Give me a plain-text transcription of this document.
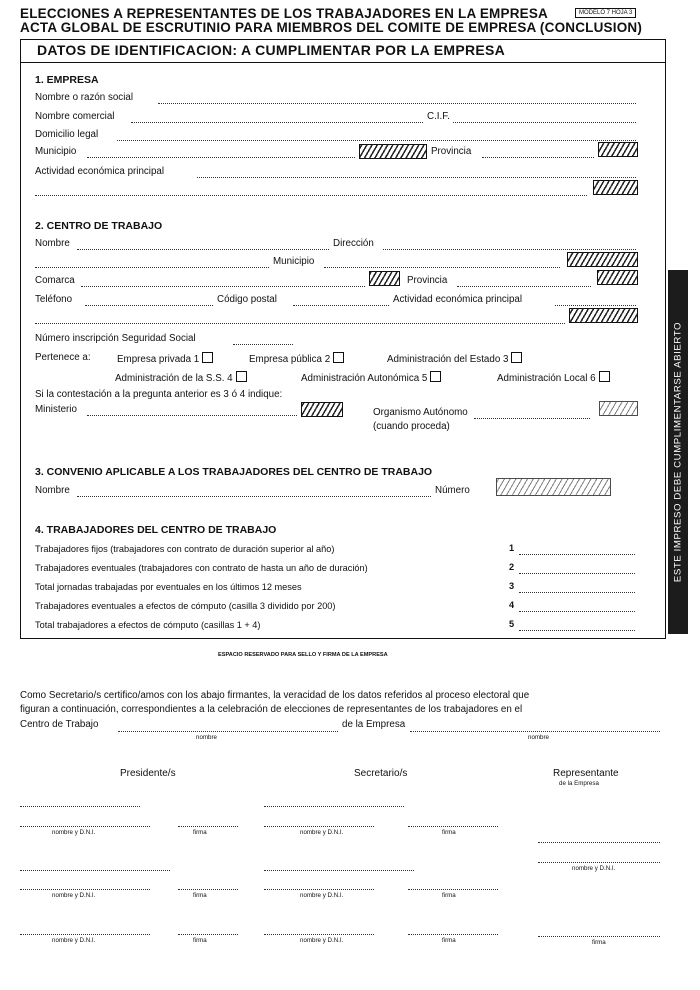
ELECCIONES A REPRESENTANTES DE LOS TRABAJADORES EN LA EMPRESA	MODELO 7 HOJA 3
ACTA GLOBAL DE ESCRUTINIO PARA MIEMBROS DEL COMITE DE EMPRESA (CONCLUSION)
DATOS DE IDENTIFICACION: A CUMPLIMENTAR POR LA EMPRESA
1. EMPRESA
Nombre o razón social
Nombre comercial	C.I.F.
Domicilio legal
Municipio	Provincia
Actividad económica principal
2. CENTRO DE TRABAJO
Nombre	Dirección
Municipio
Comarca	Provincia
Teléfono	Código postal	Actividad económica principal
Número inscripción Seguridad Social
Pertenece a:	Empresa privada 1	Empresa pública 2	Administración del Estado 3
Administración de la S.S. 4	Administración Autonómica 5	Administración Local 6
Si la contestación a la pregunta anterior es 3 ó 4 indique:
Ministerio	Organismo Autónomo
(cuando proceda)
3. CONVENIO APLICABLE A LOS TRABAJADORES DEL CENTRO DE TRABAJO
Nombre	Número
4. TRABAJADORES DEL CENTRO DE TRABAJO
Trabajadores fijos (trabajadores con contrato de duración superior al año)	1
Trabajadores eventuales (trabajadores con contrato de hasta un año de duración)	2
Total jornadas trabajadas por eventuales en los últimos 12 meses	3
Trabajadores eventuales a efectos de cómputo (casilla 3 dividido por 200)	4
Total trabajadores a efectos de cómputo (casillas 1 + 4)	5
ESTE IMPRESO DEBE CUMPLIMENTARSE ABIERTO
ESPACIO RESERVADO PARA SELLO Y FIRMA DE LA EMPRESA
Como Secretario/s certifico/amos con los abajo firmantes, la veracidad de los datos referidos al proceso electoral que
figuran a continuación, correspondientes a la celebración de elecciones de representantes de los trabajadores en el
Centro de Trabajo	de la Empresa
nombre	nombre
Presidente/s	Secretario/s	Representante
de la Empresa
nombre y D.N.I.	firma	nombre y D.N.I.	firma
nombre y D.N.I.
nombre y D.N.I.	firma	nombre y D.N.I.	firma
firma
nombre y D.N.I.	firma	nombre y D.N.I.	firma
